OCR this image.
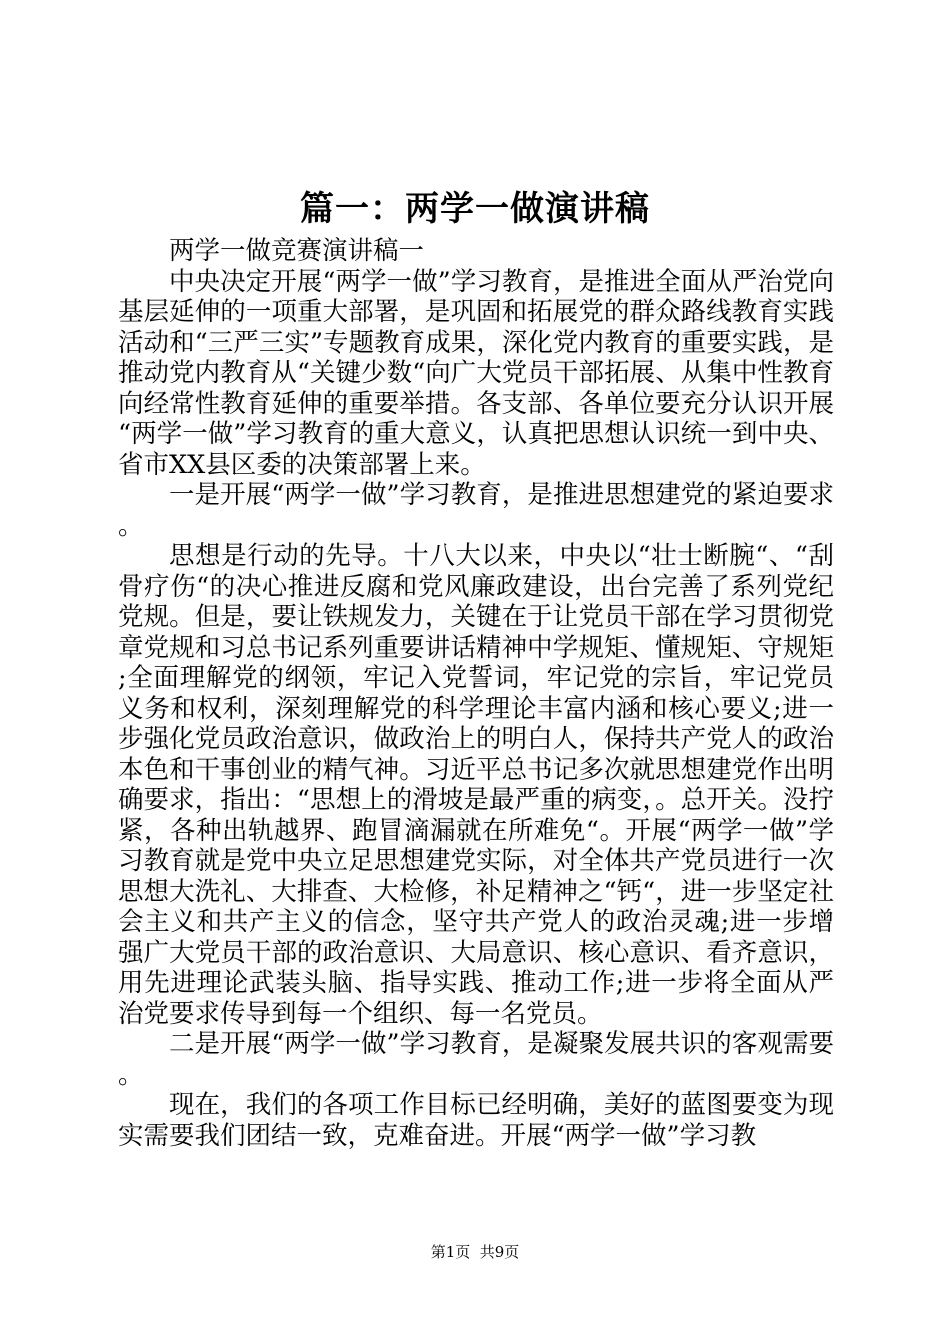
篇一：两学一做演讲稿

两学一做竞赛演讲稿一

中央决定开展“两学一做”学习教育，是推进全面从严治党向基层延伸的一项重大部署，是巩固和拓展党的群众路线教育实践活动和“三严三实”专题教育成果，深化党内教育的重要实践，是推动党内教育从“关键少数“向广大党员干部拓展、从集中性教育向经常性教育延伸的重要举措。各支部、各单位要充分认识开展“两学一做”学习教育的重大意义，认真把思想认识统一到中央、省市XX县区委的决策部署上来。

一是开展“两学一做”学习教育，是推进思想建党的紧迫要求。

思想是行动的先导。十八大以来，中央以“壮士断腕“、“刮骨疗伤“的决心推进反腐和党风廉政建设，出台完善了系列党纪党规。但是，要让铁规发力，关键在于让党员干部在学习贯彻党章党规和习总书记系列重要讲话精神中学规矩、懂规矩、守规矩;全面理解党的纲领，牢记入党誓词，牢记党的宗旨，牢记党员义务和权利，深刻理解党的科学理论丰富内涵和核心要义;进一步强化党员政治意识，做政治上的明白人，保持共产党人的政治本色和干事创业的精气神。习近平总书记多次就思想建党作出明确要求，指出：“思想上的滑坡是最严重的病变，。总开关。没拧紧，各种出轨越界、跑冒滴漏就在所难免“。开展“两学一做”学习教育就是党中央立足思想建党实际，对全体共产党员进行一次思想大洗礼、大排查、大检修，补足精神之“钙“，进一步坚定社会主义和共产主义的信念，坚守共产党人的政治灵魂;进一步增强广大党员干部的政治意识、大局意识、核心意识、看齐意识，用先进理论武装头脑、指导实践、推动工作;进一步将全面从严治党要求传导到每一个组织、每一名党员。

二是开展“两学一做”学习教育，是凝聚发展共识的客观需要。

现在，我们的各项工作目标已经明确，美好的蓝图要变为现实需要我们团结一致，克难奋进。开展“两学一做”学习教

第1页  共9页
